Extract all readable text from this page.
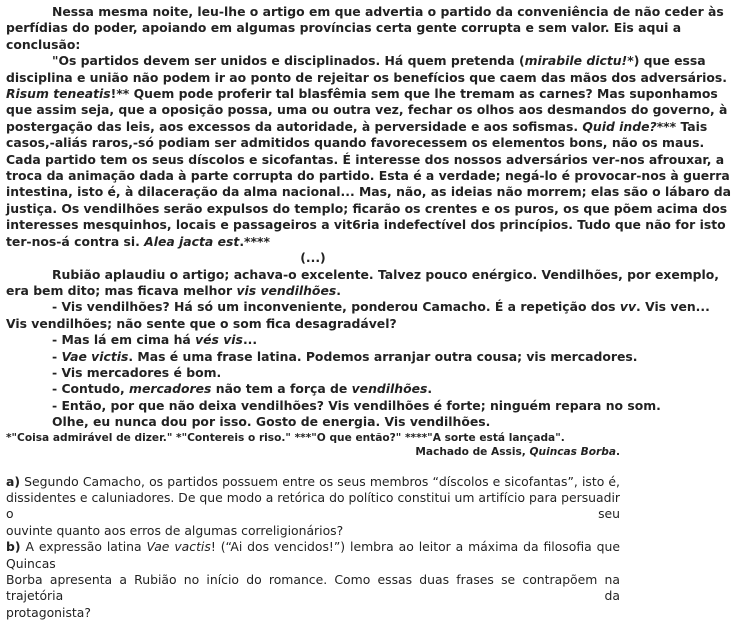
Nessa mesma noite, leu-lhe o artigo em que advertia o partido da conveniência de não ceder às
perfídias do poder, apoiando em algumas províncias certa gente corrupta e sem valor. Eis aqui a
conclusão:
"Os partidos devem ser unidos e disciplinados. Há quem pretenda (mirabile dictu!*) que essa
disciplina e união não podem ir ao ponto de rejeitar os benefícios que caem das mãos dos adversários.
Risum teneatis!** Quem pode proferir tal blasfêmia sem que lhe tremam as carnes? Mas suponhamos
que assim seja, que a oposição possa, uma ou outra vez, fechar os olhos aos desmandos do governo, à
postergação das leis, aos excessos da autoridade, à perversidade e aos sofismas. Quid inde?*** Tais
casos,-aliás raros,-só podiam ser admitidos quando favorecessem os elementos bons, não os maus.
Cada partido tem os seus díscolos e sicofantas. É interesse dos nossos adversários ver-nos afrouxar, a
troca da animação dada à parte corrupta do partido. Esta é a verdade; negá-lo é provocar-nos à guerra
intestina, isto é, à dilaceração da alma nacional... Mas, não, as ideias não morrem; elas são o lábaro da
justiça. Os vendilhões serão expulsos do templo; ficarão os crentes e os puros, os que põem acima dos
interesses mesquinhos, locais e passageiros a vit6ria indefectível dos princípios. Tudo que não for isto
ter-nos-á contra si. Alea jacta est.****
(...)
Rubião aplaudiu o artigo; achava-o excelente. Talvez pouco enérgico. Vendilhões, por exemplo,
era bem dito; mas ficava melhor vis vendilhões.
- Vis vendilhões? Há só um inconveniente, ponderou Camacho. É a repetição dos vv. Vis ven...
Vis vendilhões; não sente que o som fica desagradável?
- Mas lá em cima há vés vis...
- Vae victis. Mas é uma frase latina. Podemos arranjar outra cousa; vis mercadores.
- Vis mercadores é bom.
- Contudo, mercadores não tem a força de vendilhões.
- Então, por que não deixa vendilhões? Vis vendilhões é forte; ninguém repara no som.
Olhe, eu nunca dou por isso. Gosto de energia. Vis vendilhões.
*"Coisa admirável de dizer." *"Contereis o riso." ***"O que então?" ****"A sorte está lançada".
Machado de Assis, Quincas Borba.
a) Segundo Camacho, os partidos possuem entre os seus membros “díscolos e sicofantas”, isto é,
dissidentes e caluniadores. De que modo a retórica do político constitui um artifício para persuadir o seu
ouvinte quanto aos erros de algumas correligionários?
b) A expressão latina Vae vactis! (“Ai dos vencidos!”) lembra ao leitor a máxima da filosofia que Quincas
Borba apresenta a Rubião no início do romance. Como essas duas frases se contrapõem na trajetória da
protagonista?
